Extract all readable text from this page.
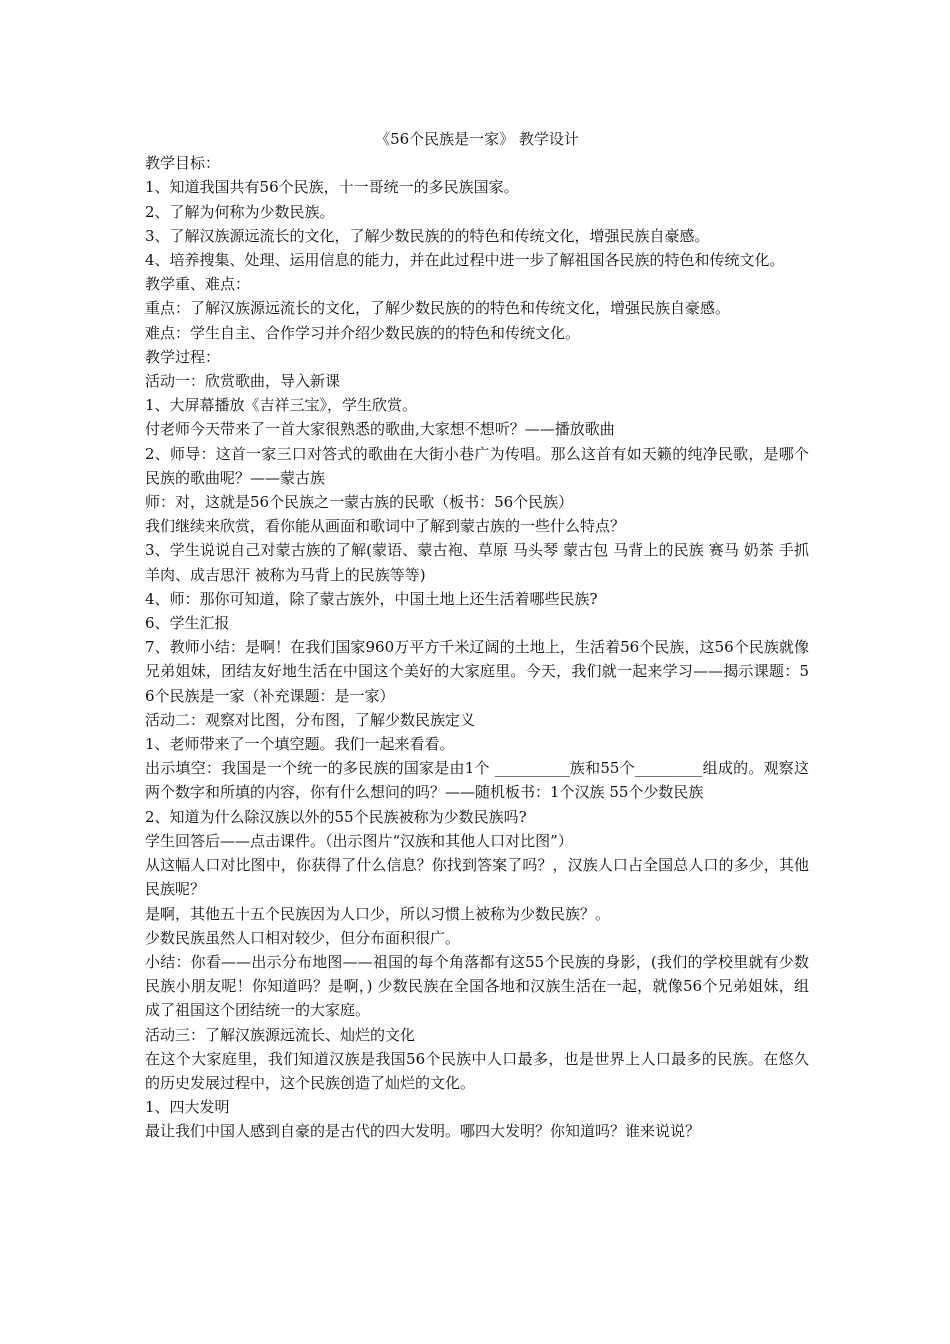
《56个民族是一家》 教学设计

教学目标：

1、知道我国共有56个民族，十一哥统一的多民族国家。

2、了解为何称为少数民族。

3、了解汉族源远流长的文化，了解少数民族的的特色和传统文化，增强民族自豪感。

4、培养搜集、处理、运用信息的能力，并在此过程中进一步了解祖国各民族的特色和传统文化。

教学重、难点：

重点：了解汉族源远流长的文化，了解少数民族的的特色和传统文化，增强民族自豪感。

难点：学生自主、合作学习并介绍少数民族的的特色和传统文化。

教学过程：

活动一：欣赏歌曲，导入新课

1、大屏幕播放《吉祥三宝》，学生欣赏。

付老师今天带来了一首大家很熟悉的歌曲,大家想不想听？——播放歌曲

2、师导：这首一家三口对答式的歌曲在大街小巷广为传唱。那么这首有如天籁的纯净民歌，是哪个民族的歌曲呢？——蒙古族

师：对，这就是56个民族之一蒙古族的民歌（板书：56个民族）

我们继续来欣赏，看你能从画面和歌词中了解到蒙古族的一些什么特点？

3、学生说说自己对蒙古族的了解(蒙语、蒙古袍、草原 马头琴 蒙古包 马背上的民族 赛马 奶茶 手抓羊肉、成吉思汗 被称为马背上的民族等等)

4、师：那你可知道，除了蒙古族外，中国土地上还生活着哪些民族?

6、学生汇报

7、教师小结：是啊！在我们国家960万平方千米辽阔的土地上，生活着56个民族，这56个民族就像兄弟姐妹，团结友好地生活在中国这个美好的大家庭里。今天，我们就一起来学习——揭示课题：56个民族是一家（补充课题：是一家）

活动二：观察对比图，分布图，了解少数民族定义

1、老师带来了一个填空题。我们一起来看看。

出示填空：我国是一个统一的多民族的国家是由1个 __________族和55个_________组成的。观察这两个数字和所填的内容，你有什么想问的吗？——随机板书：1个汉族 55个少数民族

2、知道为什么除汉族以外的55个民族被称为少数民族吗?

学生回答后——点击课件。（出示图片“汉族和其他人口对比图”）

从这幅人口对比图中，你获得了什么信息？你找到答案了吗？，汉族人口占全国总人口的多少，其他民族呢？

是啊，其他五十五个民族因为人口少，所以习惯上被称为少数民族？。

少数民族虽然人口相对较少，但分布面积很广。

小结：你看——出示分布地图——祖国的每个角落都有这55个民族的身影，(我们的学校里就有少数民族小朋友呢！你知道吗？是啊，) 少数民族在全国各地和汉族生活在一起，就像56个兄弟姐妹，组成了祖国这个团结统一的大家庭。

活动三：了解汉族源远流长、灿烂的文化

在这个大家庭里，我们知道汉族是我国56个民族中人口最多，也是世界上人口最多的民族。在悠久的历史发展过程中，这个民族创造了灿烂的文化。

1、四大发明

最让我们中国人感到自豪的是古代的四大发明。哪四大发明？你知道吗？谁来说说？
